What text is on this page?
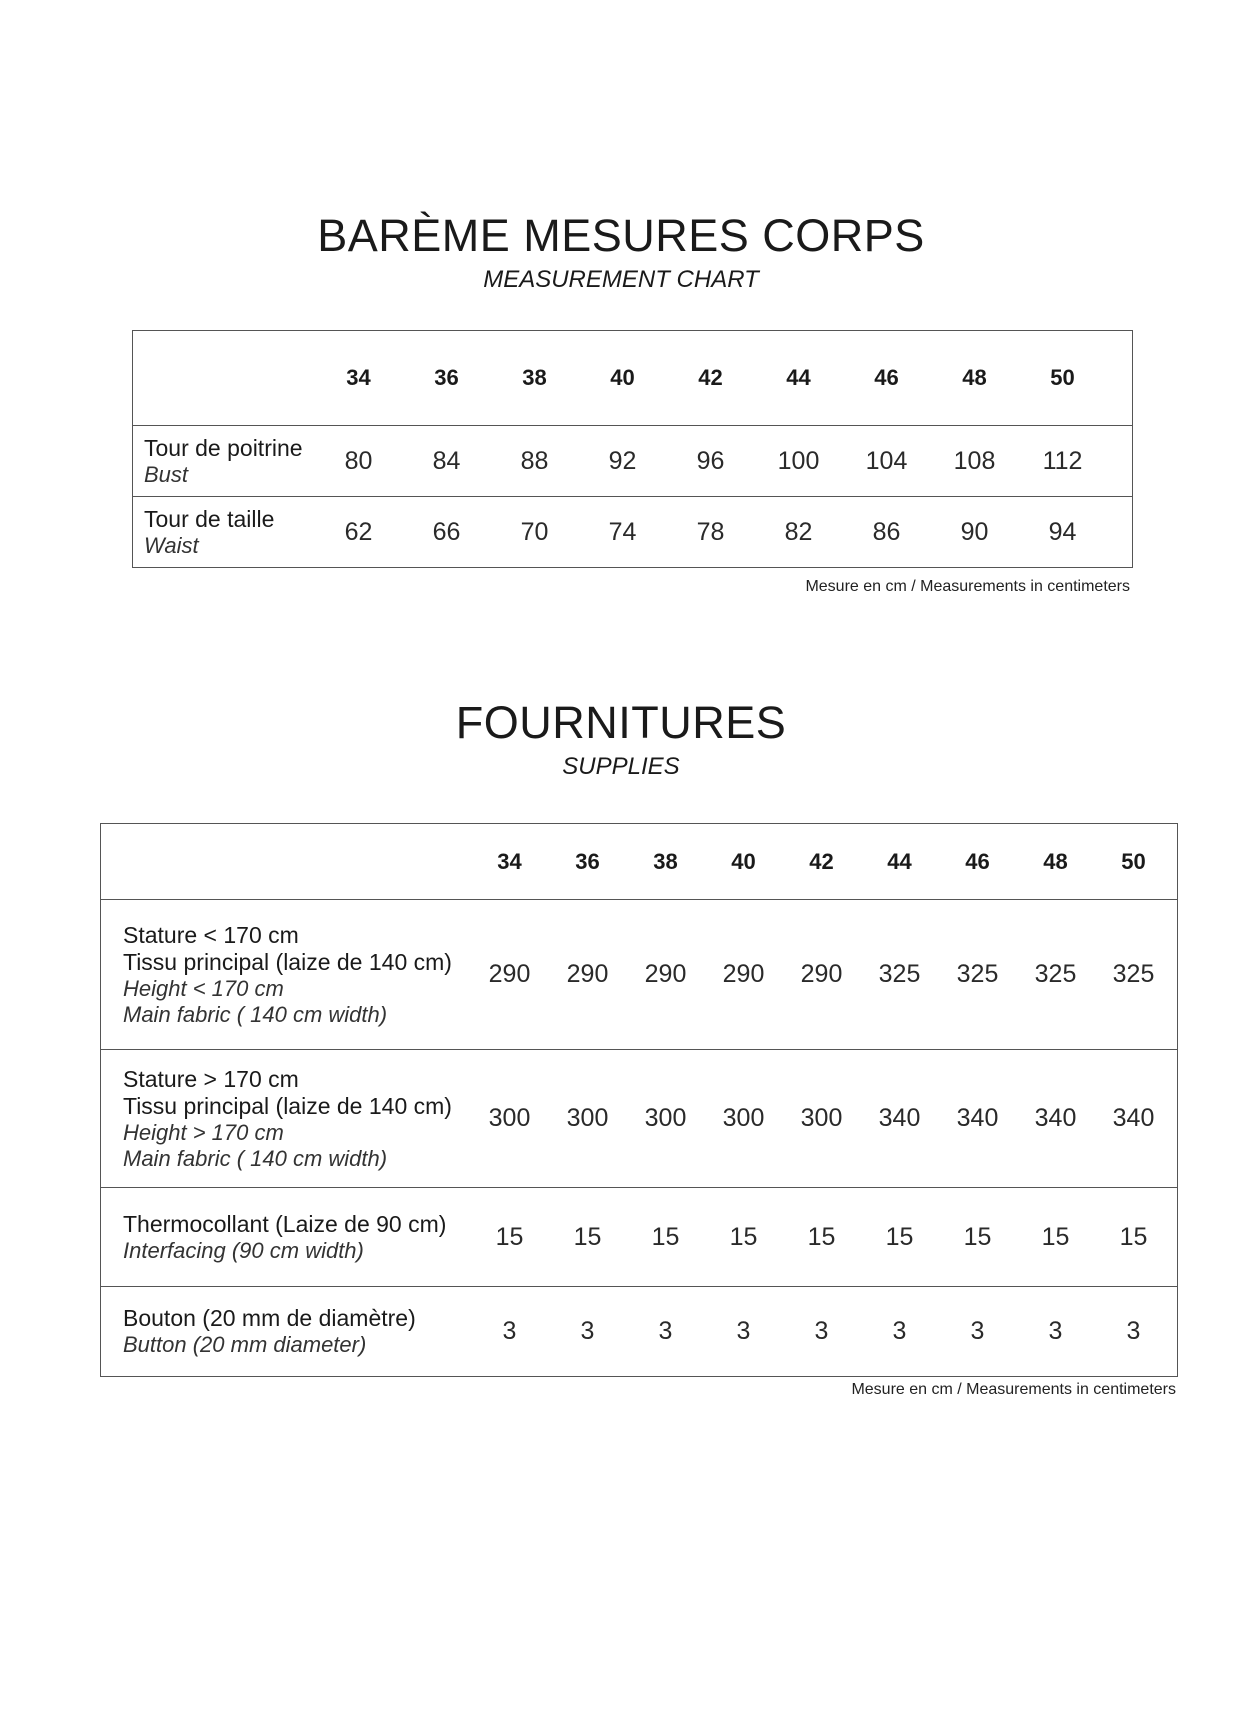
BARÈME MESURES CORPS

MEASUREMENT CHART

	34	36	38	40	42	44	46	48	50	

Tour de poitrine
Bust	80	84	88	92	96	100	104	108	112	

Tour de taille
Waist	62	66	70	74	78	82	86	90	94	
Mesure en cm / Measurements in centimeters
FOURNITURES

SUPPLIES

	34	36	38	40	42	44	46	48	50	

Stature < 170 cm
Tissu principal (laize de 140 cm)
Height < 170 cm
Main fabric ( 140 cm width)	290	290	290	290	290	325	325	325	325	

Stature > 170 cm
Tissu principal (laize de 140 cm)
Height > 170 cm
Main fabric ( 140 cm width)	300	300	300	300	300	340	340	340	340	

Thermocollant (Laize de 90 cm)
Interfacing (90 cm width)	15	15	15	15	15	15	15	15	15	

Bouton (20 mm de diamètre)
Button (20 mm diameter)	3	3	3	3	3	3	3	3	3	
Mesure en cm / Measurements in centimeters
